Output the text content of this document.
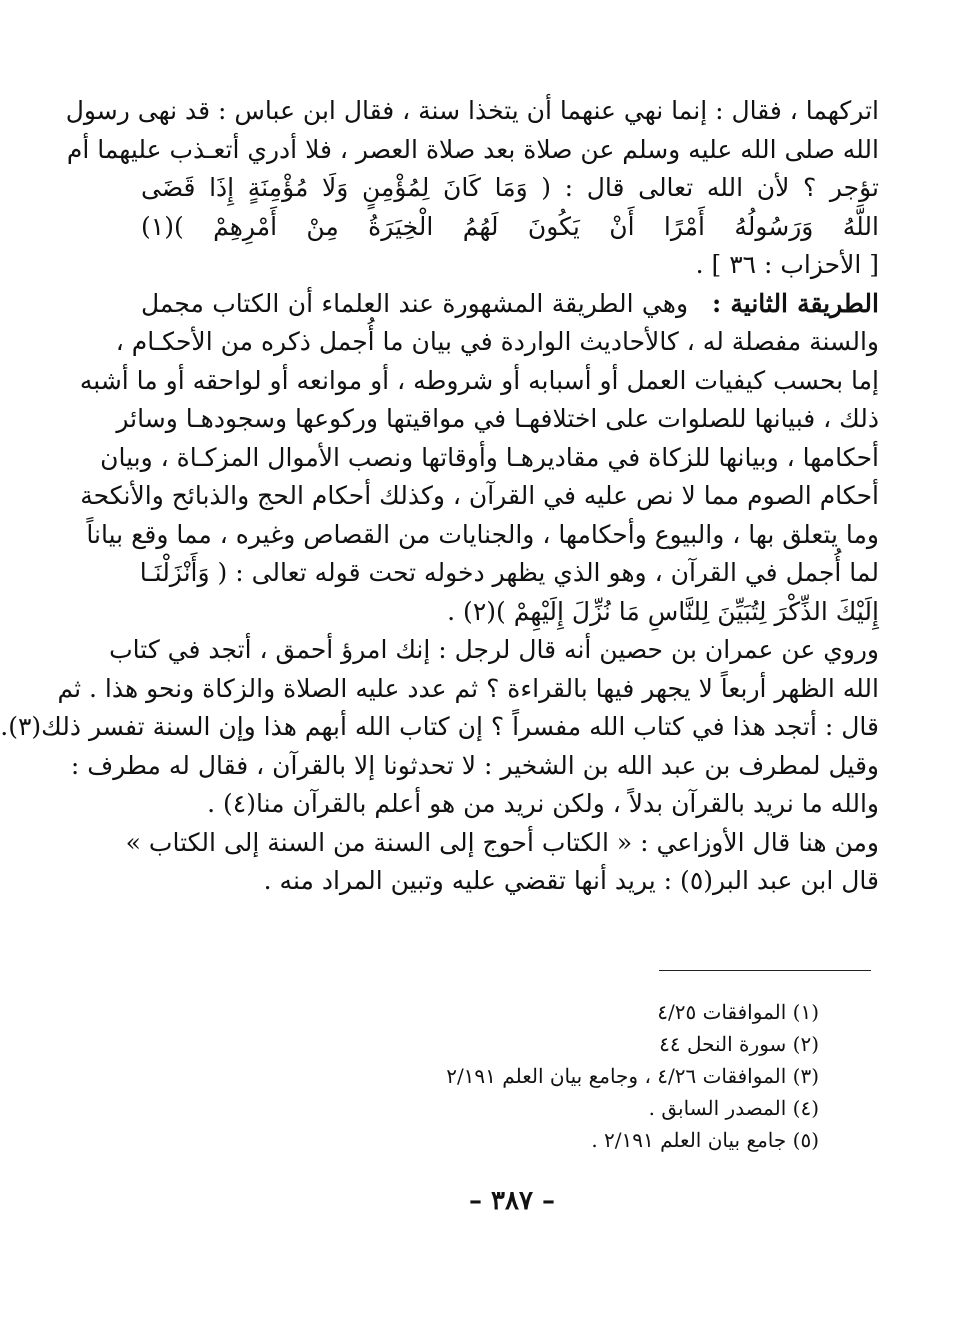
اتركهما ، فقال : إنما نهي عنهما أن يتخذا سنة ، فقال ابن عباس : قد نهى رسول
الله صلى الله عليه وسلم عن صلاة بعد صلاة العصر ، فلا أدري أتعـذب عليهما أم
تؤجر ؟ لأن الله تعالى قال : ( وَمَا كَانَ لِمُؤْمِنٍ وَلَا مُؤْمِنَةٍ إِذَا قَضَى
اللَّهُ وَرَسُولُهُ أَمْرًا أَنْ يَكُونَ لَهُمُ الْخِيَرَةُ مِنْ أَمْرِهِمْ )(١)
[ الأحزاب : ٣٦ ] .
الطريقة الثانية :وهي الطريقة المشهورة عند العلماء أن الكتاب مجمل
والسنة مفصلة له ، كالأحاديث الواردة في بيان ما أُجمل ذكره من الأحكـام ،
إما بحسب كيفيات العمل أو أسبابه أو شروطه ، أو موانعه أو لواحقه أو ما أشبه
ذلك ، فبيانها للصلوات على اختلافهـا في مواقيتها وركوعها وسجودهـا وسائر
أحكامها ، وبيانها للزكاة في مقاديرهـا وأوقاتها ونصب الأموال المزكـاة ، وبيان
أحكام الصوم مما لا نص عليه في القرآن ، وكذلك أحكام الحج والذبائح والأنكحة
وما يتعلق بها ، والبيوع وأحكامها ، والجنايات من القصاص وغيره ، مما وقع بياناً
لما أُجمل في القرآن ، وهو الذي يظهر دخوله تحت قوله تعالى : ( وَأَنْزَلْنَـا
إِلَيْكَ الذِّكْرَ لِتُبَيِّنَ لِلنَّاسِ مَا نُزِّلَ إِلَيْهِمْ )(٢) .
وروي عن عمران بن حصين أنه قال لرجل : إنك امرؤ أحمق ، أتجد في كتاب
الله الظهر أربعاً لا يجهر فيها بالقراءة ؟ ثم عدد عليه الصلاة والزكاة ونحو هذا . ثم
قال : أتجد هذا في كتاب الله مفسراً ؟ إن كتاب الله أبهم هذا وإن السنة تفسر ذلك(٣).
وقيل لمطرف بن عبد الله بن الشخير : لا تحدثونا إلا بالقرآن ، فقال له مطرف :
والله ما نريد بالقرآن بدلاً ، ولكن نريد من هو أعلم بالقرآن منا(٤) .
ومن هنا قال الأوزاعي : « الكتاب أحوج إلى السنة من السنة إلى الكتاب »
قال ابن عبد البر(٥) : يريد أنها تقضي عليه وتبين المراد منه .
(١) الموافقات ٤/٢٥
(٢) سورة النحل ٤٤
(٣) الموافقات ٤/٢٦ ، وجامع بيان العلم ٢/١٩١
(٤) المصدر السابق .
(٥) جامع بيان العلم ٢/١٩١ .
– ٣٨٧ –
